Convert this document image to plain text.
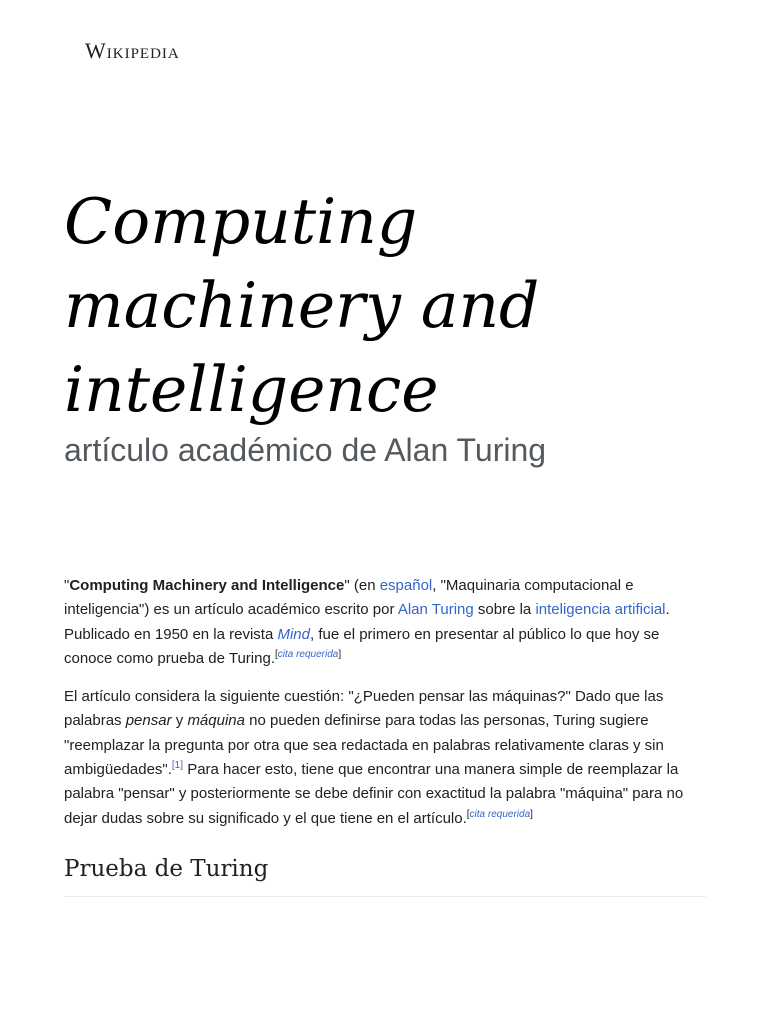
Wikipedia
Computing machinery and intelligence
artículo académico de Alan Turing

"Computing Machinery and Intelligence" (en español, "Maquinaria computacional e inteligencia") es un artículo académico escrito por Alan Turing sobre la inteligencia artificial. Publicado en 1950 en la revista Mind, fue el primero en presentar al público lo que hoy se conoce como prueba de Turing.[cita requerida]

El artículo considera la siguiente cuestión: "¿Pueden pensar las máquinas?" Dado que las palabras pensar y máquina no pueden definirse para todas las personas, Turing sugiere "reemplazar la pregunta por otra que sea redactada en palabras relativamente claras y sin ambigüedades".[1] Para hacer esto, tiene que encontrar una manera simple de reemplazar la palabra "pensar" y posteriormente se debe definir con exactitud la palabra "máquina" para no dejar dudas sobre su significado y el que tiene en el artículo.[cita requerida]

Prueba de Turing
